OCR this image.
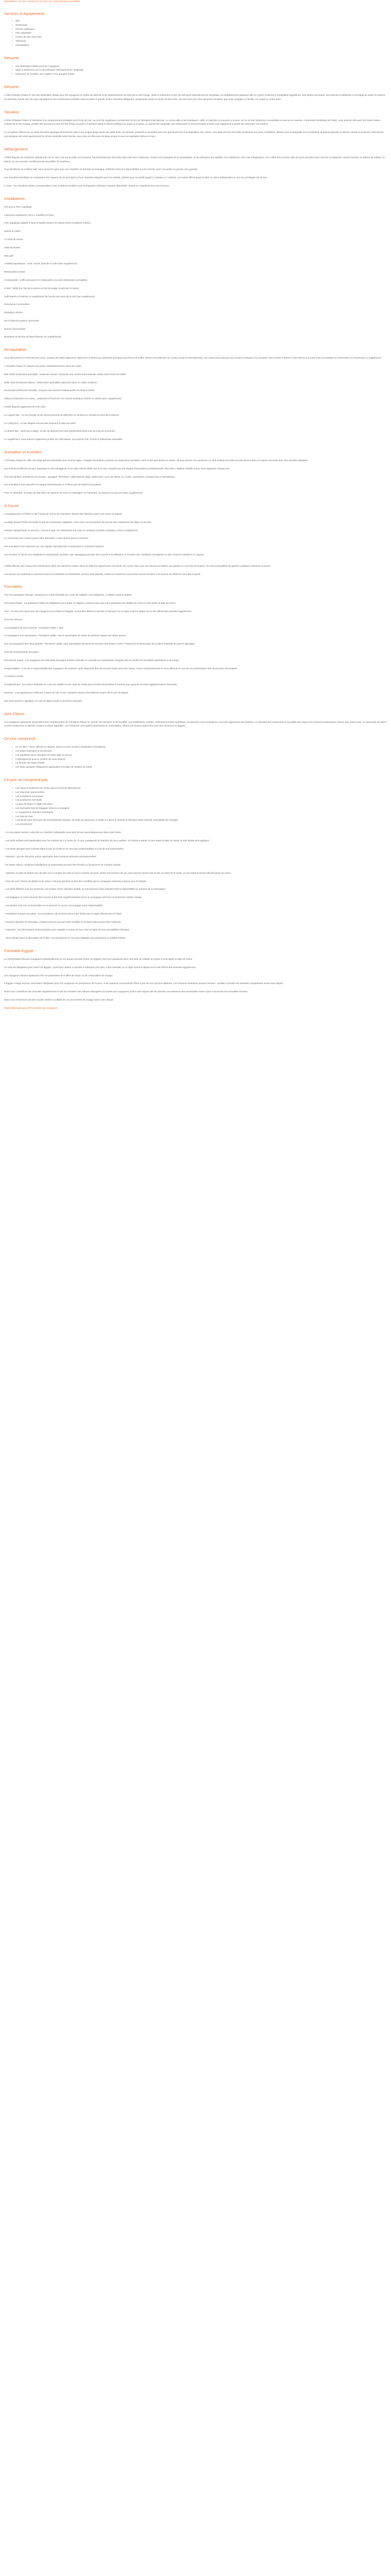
Description | Ce prix comprend | Ce prix ne comprend pas Formalités

Services et équipements
• Wifi
• Restaurant
• Piscine extérieure
• Parc aquatique
• Centre de spa / bien-être
• Télévision
• Climatisation
Résumé
• une destination idéale pour les voyageurs
• Situé à seulement 12 km de l'aéroport international de Hurghada
• Idéal pour les familles, les couples et les groupes d'amis
Résumé

L'Albit Alf Bahia Palace 5* est une destination idéale pour les voyageurs en quête de détente et de divertissement au bord de la mer Rouge. Situé à seulement 12 km de l'aéroport international de Hurghada, cet établissement spacieux allie le confort moderne à l'hospitalité égyptienne. Ses jardins luxuriants, ses piscines scintillantes et sa plage de sable fin invitent au farniente, tandis que son parc aquatique et ses nombreuses activités raviront petits et grands. Entre chambres élégantes, restaurants variés et centre de bien-être, tout est réuni pour des vacances réussies, que vous voyagiez en famille, en couple ou entre amis.

Situation

L'hôtel Alf Bahia Palace 5* bénéficie d'un emplacement privilégié sur le front de mer, au nord de Hurghada, à seulement 12 km de l'aéroport international. Le centre-ville et ses boutiques, cafés et marchés se trouvent à environ 10 km et sont facilement accessibles en taxi ou en navette. À proximité immédiate de l'hôtel, vous pourrez découvrir les fonds marins colorés de la mer Rouge, profiter des excursions vers les îles Giftun ou partir à l'aventure dans le désert arabique en quad ou en jeep. La marina de Hurghada, ses restaurants et sa promenade animée sont également à portée de main pour vos soirées.

Le complexe s'étend sur un vaste domaine paysager directement relié à une longue plage privée de sable doré, où transats, parasols et serviettes sont mis gracieusement à la disposition des clients. Une jetée permet d'accéder facilement aux eaux cristallines, idéales pour la baignade et le snorkeling, et depuis laquelle on admire coraux et poissons multicolores. Les amateurs de soleil apprécieront le climat ensoleillé toute l'année, avec plus de 300 jours de beau temps et une mer agréable même en hiver.

Hébergement

L'hôtel dispose de chambres standard de 32 m² avec vue sur le jardin ou la piscine, harmonieusement décorées dans des tons chaleureux. Toutes sont équipées de la climatisation, d'une télévision par satellite, d'un téléphone, d'un mini-réfrigérateur, d'un coffre-fort et d'une salle de bains privative avec douche ou baignoire, sèche-cheveux et articles de toilette. Un balcon ou une terrasse meublé permet de profiter de l'extérieur.

Pour bénéficier du meilleur tarif, nous pensons opter pour une chambre en formule économique, attribuée selon les disponibilités à votre arrivée, avec vue jardin ou piscine non garantie.

Les chambres familiales se composent d'un espace de vie principal et d'une chambre séparée pour les enfants, idéales pour accueillir jusqu'à 2 adultes et 3 enfants. Les suites offrent quant à elles un salon indépendant et une vue privilégiée sur la mer.

À noter : les chambres triples correspondent à des chambres doubles avec lit d'appoint, réduisant l'espace disponible. Toutes les chambres sont non-fumeurs.

Installations

Piscines & Parc Aquatique

2 piscines extérieures, dont 1 chauffée en hiver.

Parc aquatique adapté à toute la famille (ouvert en saison selon conditions météo)

Sports & Loisirs

2 courts de tennis

Salle de fitness

Mini-golf

Activités aquatiques : voile, canoë, planche à voile (avec supplément)

Restauration & Bars

6 restaurants : buffet principal et 3 restaurants à la carte (réservation préalable)

5 bars : lobby bar, bar de la piscine et bar de plage, snack-bar et autres

Café Maure à l'intérieur et supplément de l'accès aux eaux de la mer (sur supplément)

Services & Commodités

Réception 24h/24

Wi-Fi dans les parties communes

Bureau d'excursions

Boutiques et service de blanchisserie (en supplément)

Restauration

Vous découvrirez en formule tout inclus, incluant les petits déjeuners, déjeuners et dîners au restaurant principal sous forme de buffet, offrant une sélection de cuisine locale et internationale. Les repas sont proposés aux horaires indiqués à la réception. Des soirées à thème et des dîners à la carte sont accessibles sur réservation et moyennant un supplément.

L'Alf Bahia Palace 5* dispose de quatre restaurants situés dans son hôtel :

Bab' Sheb (restaurant principal) : restaurant ouvert, il propose une cuisine internationale variée sous forme de buffet.

Bella Vista (restaurant italien) : délicieuses spécialités italiennes dans un cadre moderne.

Zenrunade (restaurant oriental) : propose des saveurs traditionnelles du Moyen-Orient.

Sakura (restaurant à la carte) : restaurant à l'honneur une cuisine asiatique, fraîche et variée (avec supplément).

L'hôtel dispose également de trois bars :

Le Lagoon Bar : un bar lounge où les clients peuvent se détendre en sirotant un cocktail au bord de la piscine.

Le Lobby Bar : un bar élégant servant des boissons à l'abri du soleil.

Le Beach Bar : situé sur la plage, un bar de détente pour des rafraîchissements tout au long de la journée.

Le supplément, vous pourrez également profiter du Café Maure, qui propose thé, chicha et pâtisseries orientales.

Animation et Activités

L'Alf Bahia Palace 5* offre une large gamme d'activités pour tous les âges. L'équipe d'animation propose un programme quotidien varié et des spectacles en soirée, de quoi animer vos vacances. Le club enfants accueille les plus jeunes dans un espace sécurisé avec des activités adaptées.

Les enfants profiteront du parc aquatique et des toboggans, et du club enfants dédié aux 4-12 ans, encadré par une équipe d'animateurs professionnels. Mini-disco, ateliers créatifs et jeux sont organisés chaque jour.

Pour les adultes, animations en journée : aquagym, fléchettes, volley-ball de plage, water-polo, cours de danse. En soirée, spectacles, musique live et discothèque.

Les animations sont assurées en langue internationale et n'offrent pas de soirées françaises.

Pour se détendre, le centre de spa offre une gamme de soins et massages, un hammam, un sauna et un jacuzzi (avec supplément).

À Savoir

L'enregistrement à l'hôtel se fait à partir de 14h et les chambres doivent être libérées avant 12h le jour du départ.

La plage devant l'hôtel nécessite le port de chaussures adaptées, nous vous recommandons de prévoir des chaussures de plage ou de bain.

Certains équipements et services, comme le spa, les restaurants à la carte et certaines activités nautiques, sont en supplément.

Le versement d'un caution pourra être demandé à votre arrivée pour la chambre.

Les animations sont assurées par une équipe internationale et proposées en plusieurs langues.

Les horaires et l'accès aux installations (restaurants, piscines, parc aquatique) peuvent être soumis à modification en fonction des conditions climatiques ou des mesures sanitaires en vigueur.

L'hôtel effectue des travaux de maintenance dans 28 chambres situées dans un bâtiment séparé pour une durée de 4 jours. Bien que ces travaux se limitent aux parties en cours de rénovation, ils sont susceptibles de générer quelques nuisances sonores.

Les travaux de maintenance dureront entre le 01/05/2025 au 02/06/2025. Durant cette période, toutes les chambres concernées seront fermées et le service de l'hôtel ne sera pas impacté.

Formalités

Pour les passagers français, passeport ou carte d'identité (en cours de validité). Visa obligatoire, à obtenir avant le départ.

Document requis : Un passeport valide est obligatoire pour entrer en Égypte. Assurez-vous que votre passeport est valable au moins 6 mois après la date de retour.

Visa : Un visa est requis pour les voyageurs se rendant en Égypte. Il peut être obtenu à l'arrivée à l'aéroport ou en ligne avant le départ via le site officiel des autorités égyptiennes.

Pour les mineurs :

Accompagnés de deux parents : Passeport valide + visa.

Accompagnés d'un seul parent : Passeport valide, visa et autorisation de sortie du territoire signée par l'autre parent.

Non accompagnés des deux parents : Passeport valide, visa, autorisation de sortie du territoire (formulaire Cerfa n°15646*01) et photocopie de la pièce d'identité du parent signataire.

Pour les ressortissants étrangers :

Documents requis : Les voyageurs de nationalité étrangère doivent consulter le consulat ou l'ambassade d'Égypte afin de vérifier les formalités spécifiques à leur pays.

Responsabilité : Il est de la responsabilité des voyageurs de s'assurer qu'ils disposent des documents requis pour leur séjour. Aucun remboursement ne sera effectué en cas de non-présentation des documents nécessaires.

À l'arrivée à l'hôtel

Enregistrement : Une pièce d'identité en cours de validité et une carte de crédit pourront être demandées à l'arrivée pour garantir les frais supplémentaires éventuels.

Horaires : L'enregistrement s'effectue à partir de 14h, et les chambres doivent être libérées avant 12h le jour du départ.

Des frais peuvent s'appliquer en cas de départ tardif ou d'arrivée anticipée.

Avis Clients

Les voyageurs apprécient particulièrement l'emplacement de l'Alf Bahia Palace 5*, proche de l'aéroport et de la plage. Les installations variées, notamment le parc aquatique, les piscines et les animations, sont très appréciées des familles. La diversité des restaurants et la qualité des repas sont souvent mentionnées comme des points forts. Le personnel est décrit comme chaleureux et attentif, rendant le séjour agréable. Les chambres sont jugées spacieuses et confortables, offrant une bonne expérience pour des vacances en Égypte.

Ce prix comprend
• Le vol aller / retour spécial ou régulier, direct ou avec escale à destination d'Hurghada
• Les taxes d'aéroport et de sécurité
• Les transferts entre l'aéroport et l'hôtel (aller et retour)
• L'hébergement pour le nombre de nuits réservé
• La formule de repas choisie
• Les taxes aéroport obligatoires applicables à la date de l'édition du forfait
Ce prix ne comprend pas
• Les repas et boissons non inclus dans la formule sélectionnée
• Les dépenses personnelles
• Les activités et excursions
• Les pourboires éventuels
• La taxe de séjour à régler sur place
• Les éventuels frais de bagages selon la compagnie
• Le supplément chambre individuelle
• Les frais de visa
• L'achat de votre visa pour les ressortissants français, 25 USD par personne, à régler sur place à l'arrivée à l'aéroport (tarif indicatif, susceptible de changer)
• Les assurances

- Si vous partez seul(e), votre prix en chambre individuelle vous sera facturé automatiquement dans votre devis.

- Les tarifs enfants sont applicables pour les enfants de 2 à moins de 12 ans, partageant la chambre de deux adultes. Si l'enfant a atteint 12 ans avant la date du retour, le tarif adulte sera appliqué.

- Les taxes aéroport sont incluses dans le prix du forfait et ne sont pas remboursables en cas de non-présentation.

- Attention : pas de réduction enfant applicable dans certaines périodes promotionnelles.

- En basse saison, certaines installations ou restaurants peuvent être fermés ou fonctionner de manière réduite.

- Attention, la date de départ est calculée sur le nombre de nuits et non le nombre de jours. Selon vos horaires de vol, vous pouvez arriver tard le soir ou partir tôt le matin, ce qui réduit le temps effectif passé sur place.

- Pour les vols, l'heure de départ et de retour n'est pas garantie et peut être modifiée par la compagnie aérienne jusqu'au jour du départ.

- Les tarifs affichés sont par personne, sur la base d'une chambre double, et sont donnés à titre indicatif selon la disponibilité au moment de la réservation.

- Les bagages en soute peuvent être soumis à des frais supplémentaires selon la compagnie aérienne et la formule tarifaire choisie.

- Les photos sont non contractuelles et ne peuvent en aucun cas engager notre responsabilité.

- Prestations à payer sur place : les prestations non incluses dans votre forfait sont à régler directement à l'hôtel.

- Durant la période du Ramadan, certains services peuvent être modifiés et la vente d'alcool peut être restreinte.

- Important : les informations communiquées sont valables à la date de leur mise en ligne et sont susceptibles d'évoluer.

- Seul indicatif dans la description de l'hôtel, nos prestations ne sont pas adaptées aux personnes à mobilité réduite.

Formalité Egypte

Le ressortissant français voyageant individuellement ou en groupe pouvant entrer en Égypte muni d'un passeport avec une date de validité au moins 6 mois après la date de retour.

Un visa est obligatoire pour entrer en Égypte. Il peut être obtenu à l'arrivée à l'aéroport (25 USD, à titre indicatif) ou en ligne avant le départ sur le site officiel des autorités égyptiennes.

Les voyageurs doivent également être en possession d'un billet de retour ou de continuation de voyage.

L'Égypte n'exige aucune vaccination obligatoire pour les voyageurs en provenance de France. Il est toutefois recommandé d'être à jour de ses vaccins habituels. Les mesures sanitaires peuvent évoluer : veuillez consulter les autorités compétentes avant votre départ.

Nous vous conseillons de consulter régulièrement le site du ministère des Affaires étrangères (Conseils aux voyageurs) avant votre départ afin de prendre connaissance des éventuelles mises à jour concernant les formalités d'entrée.

Nous vous remercions de bien vouloir vérifier la validité de vos documents de voyage avant votre départ.

https://diplomatie.gouv.fr/fr/conseils-aux-voyageurs
